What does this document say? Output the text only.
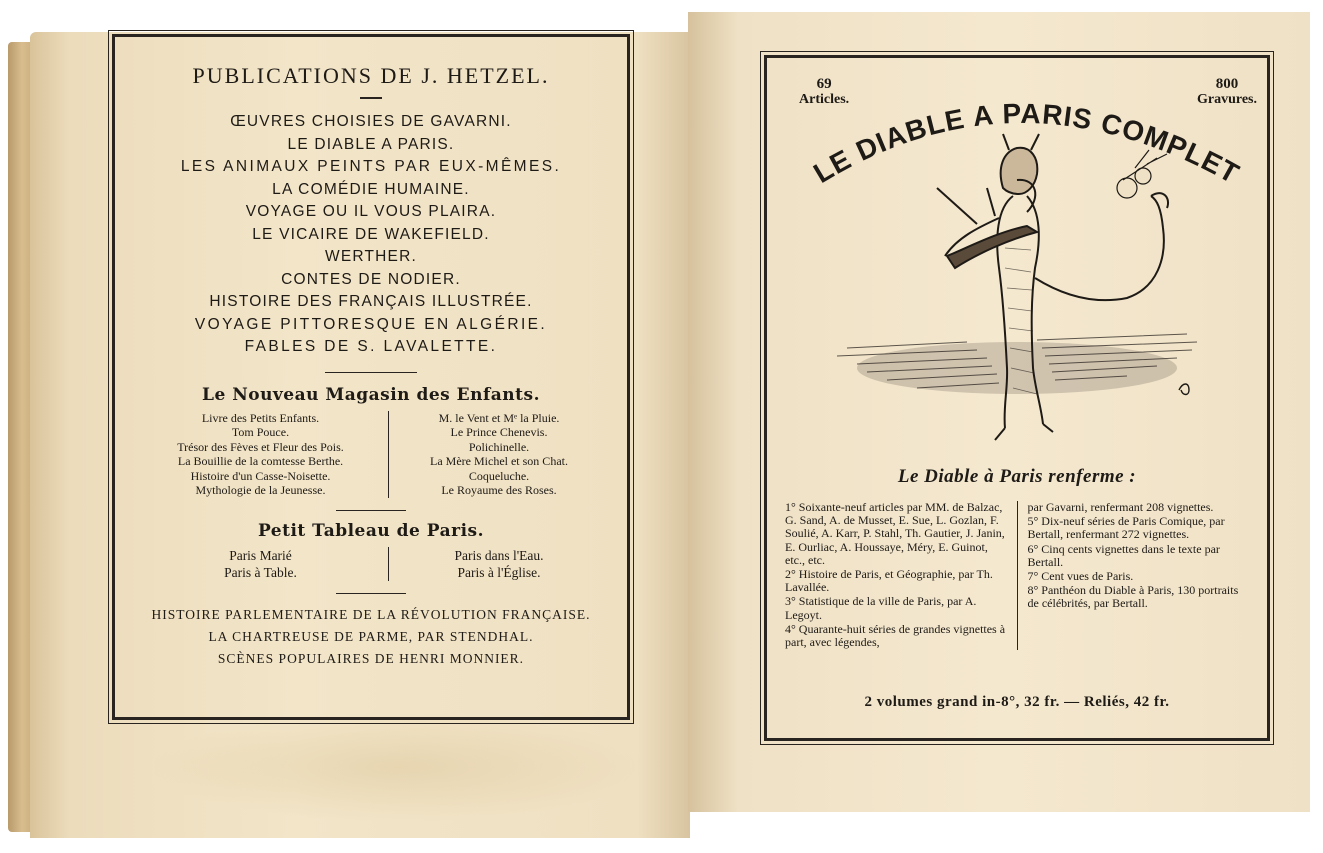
PUBLICATIONS DE J. HETZEL.
ŒUVRES CHOISIES DE GAVARNI.
LE DIABLE A PARIS.
LES ANIMAUX PEINTS PAR EUX-MÊMES.
LA COMÉDIE HUMAINE.
VOYAGE OU IL VOUS PLAIRA.
LE VICAIRE DE WAKEFIELD.
WERTHER.
CONTES DE NODIER.
HISTOIRE DES FRANÇAIS ILLUSTRÉE.
VOYAGE PITTORESQUE EN ALGÉRIE.
FABLES DE S. LAVALETTE.
Le Nouveau Magasin des Enfants.
Livre des Petits Enfants.
Tom Pouce.
Trésor des Fèves et Fleur des Pois.
La Bouillie de la comtesse Berthe.
Histoire d'un Casse-Noisette.
Mythologie de la Jeunesse.
M. le Vent et Mᵉ la Pluie.
Le Prince Chenevis.
Polichinelle.
La Mère Michel et son Chat.
Coqueluche.
Le Royaume des Roses.
Petit Tableau de Paris.
Paris Marié
Paris à Table.
Paris dans l'Eau.
Paris à l'Église.
HISTOIRE PARLEMENTAIRE DE LA RÉVOLUTION FRANÇAISE.
LA CHARTREUSE DE PARME, PAR STENDHAL.
SCÈNES POPULAIRES DE HENRI MONNIER.
69
Articles.
800
Gravures.
LE DIABLE A PARIS COMPLET
Le Diable à Paris renferme :
1° Soixante-neuf articles par MM. de Balzac, G. Sand, A. de Musset, E. Sue, L. Gozlan, F. Soulié, A. Karr, P. Stahl, Th. Gautier, J. Janin, E. Ourliac, A. Houssaye, Méry, E. Guinot, etc., etc.
2° Histoire de Paris, et Géographie, par Th. Lavallée.
3° Statistique de la ville de Paris, par A. Legoyt.
4° Quarante-huit séries de grandes vignettes à part, avec légendes,
par Gavarni, renfermant 208 vignettes.
5° Dix-neuf séries de Paris Comique, par Bertall, renfermant 272 vignettes.
6° Cinq cents vignettes dans le texte par Bertall.
7° Cent vues de Paris.
8° Panthéon du Diable à Paris, 130 portraits de célébrités, par Bertall.
2 volumes grand in-8°, 32 fr. — Reliés, 42 fr.
